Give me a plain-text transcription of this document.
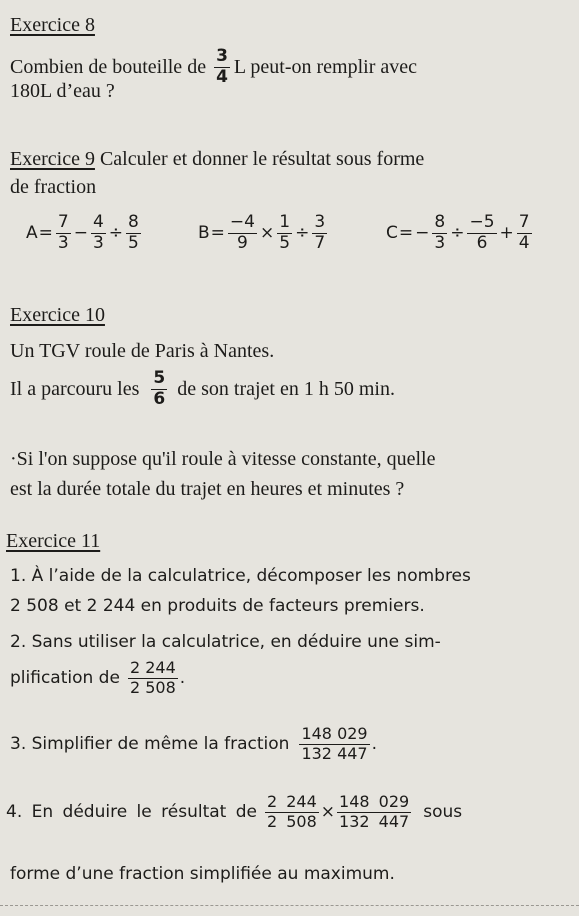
Exercice 8
Combien de bouteille de $\frac{3}{4}$ L peut-on remplir avec
180L d’eau ?
Exercice 9 Calculer et donner le résultat sous forme
de fraction
$A = \frac{7}{3} - \frac{4}{3} \div \frac{8}{5}$	$B = \frac{-4}{9} \times \frac{1}{5} \div \frac{3}{7}$	C = − $\frac{8}{3} \div \frac{-5}{6} + \frac{7}{4}$
Exercice 10
Un TGV roule de Paris à Nantes.
Il a parcouru les $\frac{5}{6}$ de son trajet en 1 h 50 min.
·Si l'on suppose qu'il roule à vitesse constante, quelle
est la durée totale du trajet en heures et minutes ?
Exercice 11
1. À l’aide de la calculatrice, décomposer les nombres
2 508 et 2 244 en produits de facteurs premiers.
2. Sans utiliser la calculatrice, en déduire une sim-
plification de $\frac{2 244}{2 508}$ .
3. Simplifier de même la fraction $\frac{148 029}{132 447}$ .
4. En déduire le résultat de $\frac{2 244}{2 508} \times \frac{148 029}{132 447}$ sous
forme d’une fraction simplifiée au maximum.
